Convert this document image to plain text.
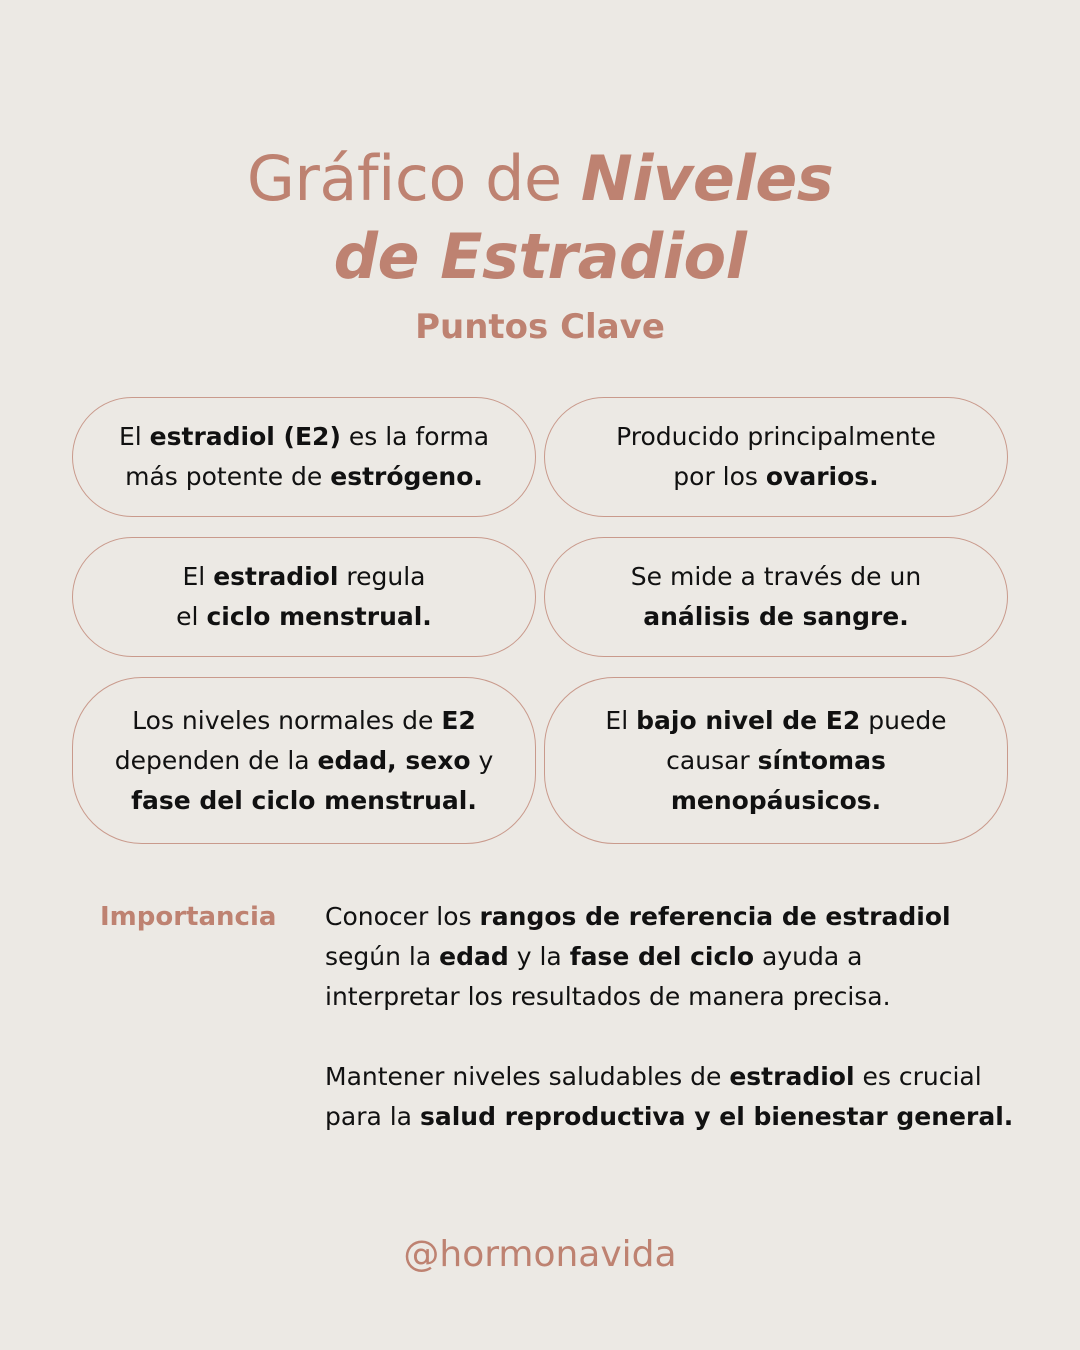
Gráfico de Niveles
de Estradiol
Puntos Clave
El estradiol (E2) es la forma
más potente de estrógeno.
Producido principalmente
por los ovarios.
El estradiol regula
el ciclo menstrual.
Se mide a través de un
análisis de sangre.
Los niveles normales de E2
dependen de la edad, sexo y
fase del ciclo menstrual.
El bajo nivel de E2 puede
causar síntomas
menopáusicos.
Importancia Conocer los rangos de referencia de estradiol
según la edad y la fase del ciclo ayuda a
interpretar los resultados de manera precisa.

Mantener niveles saludables de estradiol es crucial
para la salud reproductiva y el bienestar general.

@hormonavida
